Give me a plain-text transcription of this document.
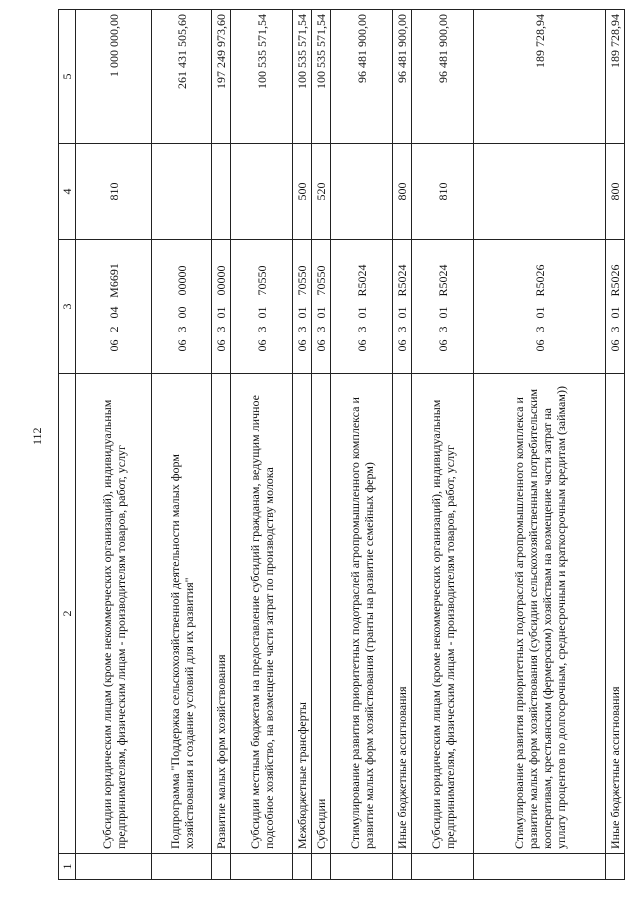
112
1	2	3	4	5
	Субсидии юридическим лицам (кроме некоммерческих организаций), индивидуальным предпринимателям, физическим лицам - производителям товаров, работ, услуг	06204M6691	810	1 000 000,00
	Подпрограмма "Поддержка сельскохозяйственной деятельности малых форм хозяйствования и создание условий для их развития"	0630000000		261 431 505,60
	Развитие малых форм хозяйствования	0630100000		197 249 973,60
	Субсидии местным бюджетам на предоставление субсидий гражданам, ведущим личное подсобное хозяйство, на возмещение части затрат по производству молока	0630170550		100 535 571,54
	Межбюджетные трансферты	0630170550	500	100 535 571,54
	Субсидии	0630170550	520	100 535 571,54
	Стимулирование развития приоритетных подотраслей агропромышленного комплекса и развитие малых форм хозяйствования (гранты на развитие семейных ферм)	06301R5024		96 481 900,00
	Иные бюджетные ассигнования	06301R5024	800	96 481 900,00
	Субсидии юридическим лицам (кроме некоммерческих организаций), индивидуальным предпринимателям, физическим лицам - производителям товаров, работ, услуг	06301R5024	810	96 481 900,00
	Стимулирование развития приоритетных подотраслей агропромышленного комплекса и развитие малых форм хозяйствования (субсидии сельскохозяйственным потребительским кооперативам, крестьянским (фермерским) хозяйствам на возмещение части затрат на уплату процентов по долгосрочным, среднесрочным и краткосрочным кредитам (займам))	06301R5026		189 728,94
	Иные бюджетные ассигнования	06301R5026	800	189 728,94
